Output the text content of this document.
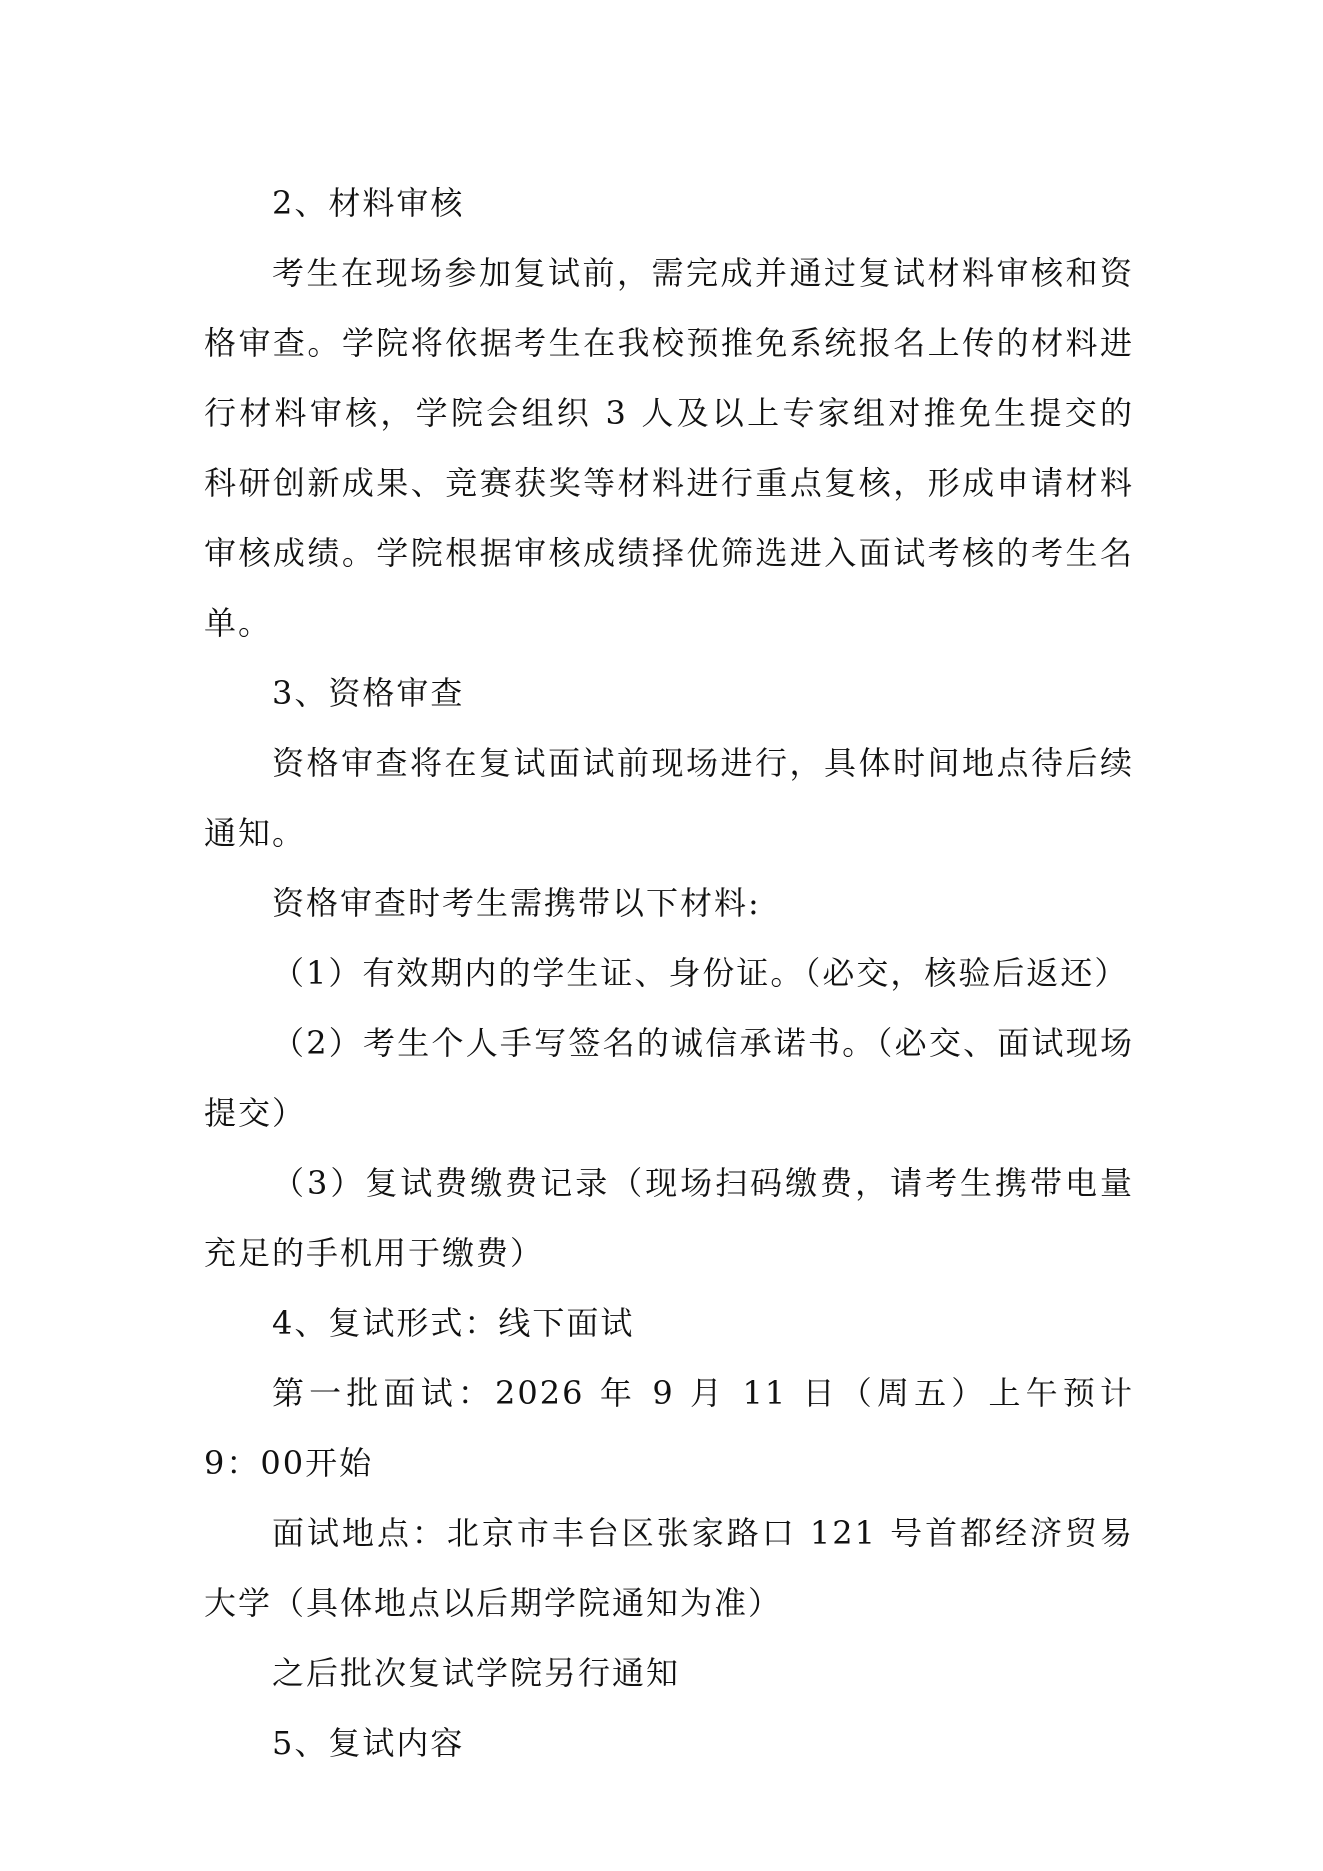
2、材料审核

考生在现场参加复试前，需完成并通过复试材料审核和资格审查。学院将依据考生在我校预推免系统报名上传的材料进行材料审核，学院会组织 3 人及以上专家组对推免生提交的科研创新成果、竞赛获奖等材料进行重点复核，形成申请材料审核成绩。学院根据审核成绩择优筛选进入面试考核的考生名单。

3、资格审查

资格审查将在复试面试前现场进行，具体时间地点待后续通知。

资格审查时考生需携带以下材料:

（1）有效期内的学生证、身份证。（必交，核验后返还）

（2）考生个人手写签名的诚信承诺书。（必交、面试现场提交）

（3）复试费缴费记录（现场扫码缴费，请考生携带电量充足的手机用于缴费）

4、复试形式：线下面试

第一批面试：2026 年 9 月 11 日（周五）上午预计 9：00开始

面试地点：北京市丰台区张家路口 121 号首都经济贸易大学（具体地点以后期学院通知为准）

之后批次复试学院另行通知

5、复试内容
